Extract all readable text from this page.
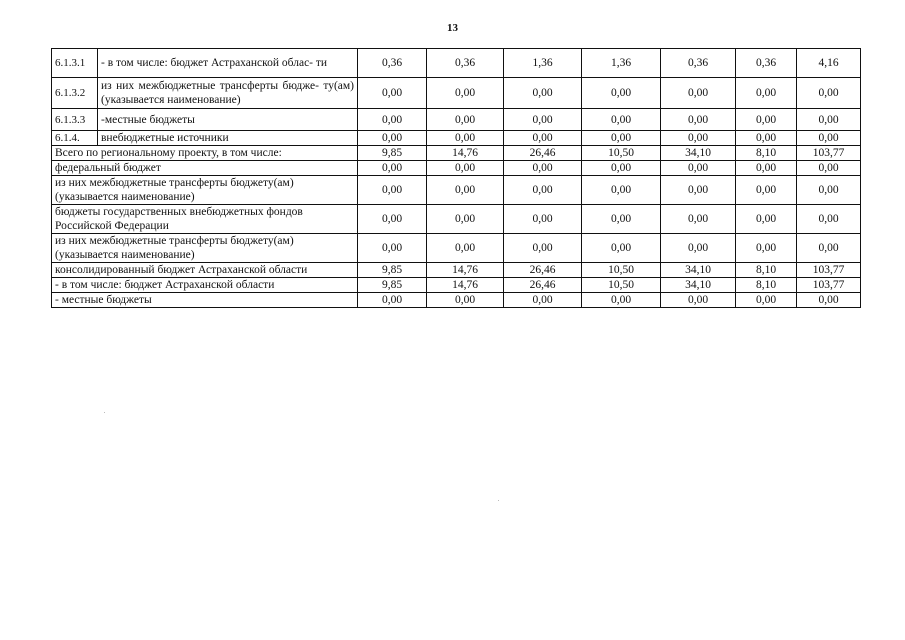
13
6.1.3.1	- в том числе: бюджет Астраханской облас- ти	0,36	0,36	1,36	1,36	0,36	0,36	4,16
6.1.3.2	из них межбюджетные трансферты бюдже- ту(ам) (указывается наименование)	0,00	0,00	0,00	0,00	0,00	0,00	0,00
6.1.3.3	-местные бюджеты	0,00	0,00	0,00	0,00	0,00	0,00	0,00
6.1.4.	внебюджетные источники	0,00	0,00	0,00	0,00	0,00	0,00	0,00
Всего по региональному проекту, в том числе:		9,85	14,76	26,46	10,50	34,10	8,10	103,77
федеральный бюджет		0,00	0,00	0,00	0,00	0,00	0,00	0,00
из них межбюджетные трансферты бюджету(ам) (указывается наименование)		0,00	0,00	0,00	0,00	0,00	0,00	0,00
бюджеты государственных внебюджетных фондов Российской Федерации		0,00	0,00	0,00	0,00	0,00	0,00	0,00
из них межбюджетные трансферты бюджету(ам) (указывается наименование)		0,00	0,00	0,00	0,00	0,00	0,00	0,00
консолидированный бюджет Астраханской области		9,85	14,76	26,46	10,50	34,10	8,10	103,77
- в том числе: бюджет Астраханской области		9,85	14,76	26,46	10,50	34,10	8,10	103,77
- местные бюджеты		0,00	0,00	0,00	0,00	0,00	0,00	0,00
